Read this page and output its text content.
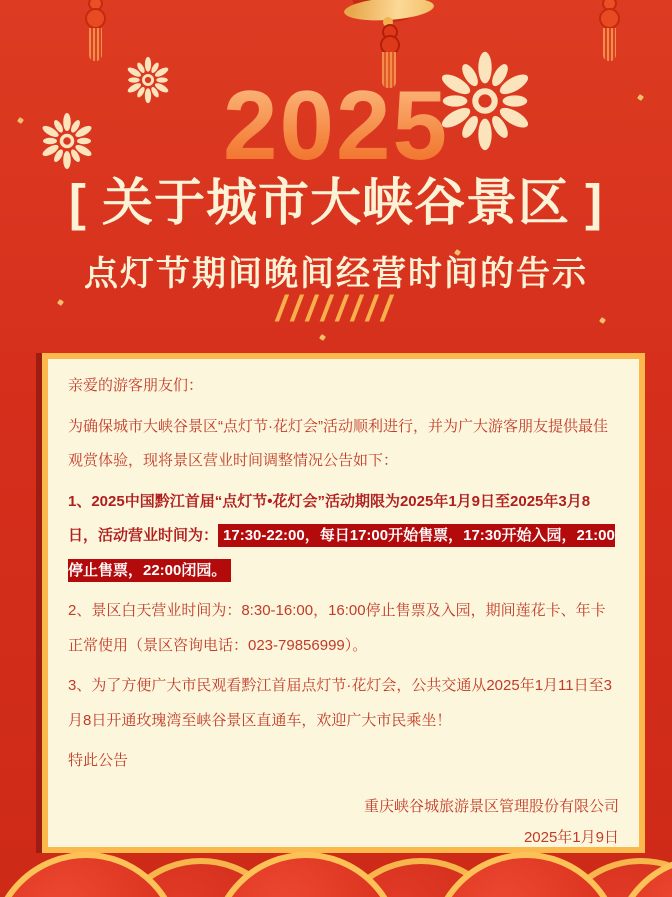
2025
[ 关于城市大峡谷景区 ]
点灯节期间晚间经营时间的告示
////////

亲爱的游客朋友们：

为确保城市大峡谷景区“点灯节·花灯会”活动顺利进行，并为广大游客朋友提供最佳观赏体验，现将景区营业时间调整情况公告如下：

1、2025中国黔江首届“点灯节•花灯会”活动期限为2025年1月9日至2025年3月8日，活动营业时间为： 17:30-22:00，每日17:00开始售票，17:30开始入园，21:00停止售票，22:00闭园。

2、景区白天营业时间为：8:30-16:00，16:00停止售票及入园，期间莲花卡、年卡正常使用（景区咨询电话：023-79856999）。

3、为了方便广大市民观看黔江首届点灯节·花灯会，公共交通从2025年1月11日至3月8日开通玫瑰湾至峡谷景区直通车，欢迎广大市民乘坐！

特此公告

重庆峡谷城旅游景区管理股份有限公司
2025年1月9日
